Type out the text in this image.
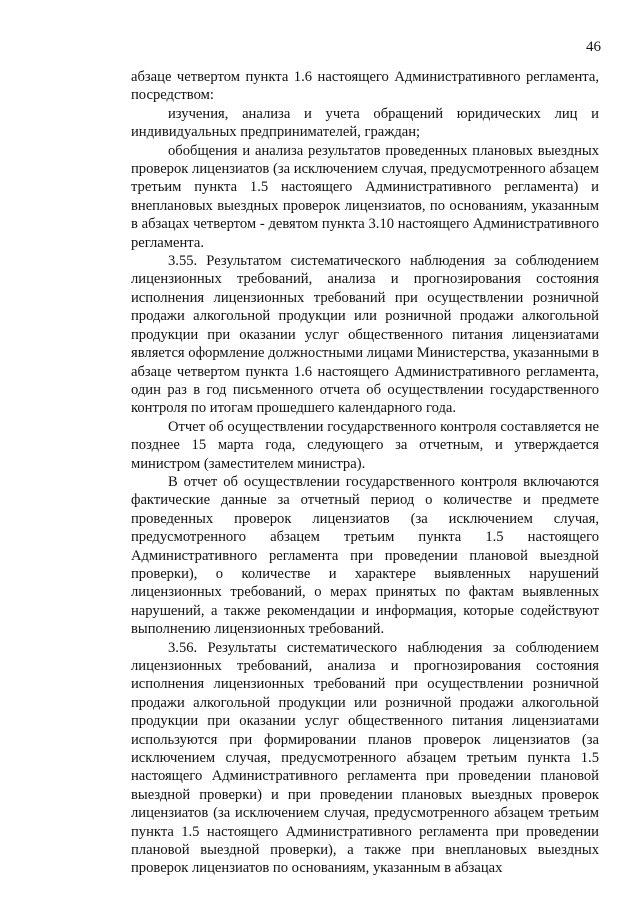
46

абзаце четвертом пункта 1.6 настоящего Административного регламента, посредством:

изучения, анализа и учета обращений юридических лиц и индивидуальных предпринимателей, граждан;

обобщения и анализа результатов проведенных плановых выездных проверок лицензиатов (за исключением случая, предусмотренного абзацем третьим пункта 1.5 настоящего Административного регламента) и внеплановых выездных проверок лицензиатов, по основаниям, указанным в абзацах четвертом - девятом пункта 3.10 настоящего Административного регламента.

3.55. Результатом систематического наблюдения за соблюдением лицензионных требований, анализа и прогнозирования состояния исполнения лицензионных требований при осуществлении розничной продажи алкогольной продукции или розничной продажи алкогольной продукции при оказании услуг общественного питания лицензиатами является оформление должностными лицами Министерства, указанными в абзаце четвертом пункта 1.6 настоящего Административного регламента, один раз в год письменного отчета об осуществлении государственного контроля по итогам прошедшего календарного года.

Отчет об осуществлении государственного контроля составляется не позднее 15 марта года, следующего за отчетным, и утверждается министром (заместителем министра).

В отчет об осуществлении государственного контроля включаются фактические данные за отчетный период о количестве и предмете проведенных проверок лицензиатов (за исключением случая, предусмотренного абзацем третьим пункта 1.5 настоящего Административного регламента при проведении плановой выездной проверки), о количестве и характере выявленных нарушений лицензионных требований, о мерах принятых по фактам выявленных нарушений, а также рекомендации и информация, которые содействуют выполнению лицензионных требований.

3.56. Результаты систематического наблюдения за соблюдением лицензионных требований, анализа и прогнозирования состояния исполнения лицензионных требований при осуществлении розничной продажи алкогольной продукции или розничной продажи алкогольной продукции при оказании услуг общественного питания лицензиатами используются при формировании планов проверок лицензиатов (за исключением случая, предусмотренного абзацем третьим пункта 1.5 настоящего Административного регламента при проведении плановой выездной проверки) и при проведении плановых выездных проверок лицензиатов (за исключением случая, предусмотренного абзацем третьим пункта 1.5 настоящего Административного регламента при проведении плановой выездной проверки), а также при внеплановых выездных проверок лицензиатов по основаниям, указанным в абзацах
